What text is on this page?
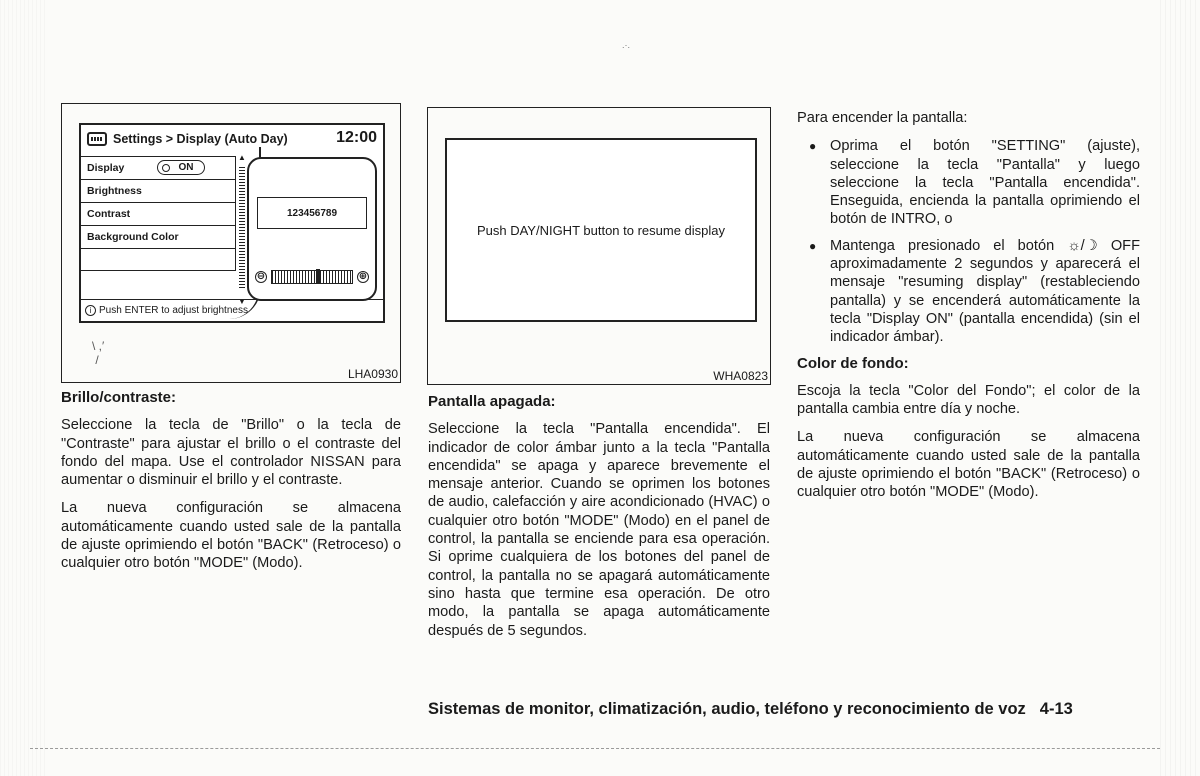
.·.
Settings > Display (Auto Day)	12:00
Display	ON
Brightness
Contrast
Background Color
▲
▼
123456789
⊖	⊕
i Push ENTER to adjust brightness
\ ,′
/
LHA0930
Push DAY/NIGHT button to resume display
WHA0823
Brillo/contraste:

Seleccione la tecla de "Brillo" o la tecla de "Contraste" para ajustar el brillo o el contraste del fondo del mapa. Use el controlador NISSAN para aumentar o disminuir el brillo y el contraste.

La nueva configuración se almacena automáticamente cuando usted sale de la pantalla de ajuste oprimiendo el botón "BACK" (Retroceso) o cualquier otro botón "MODE" (Modo).

Pantalla apagada:

Seleccione la tecla "Pantalla encendida". El indicador de color ámbar junto a la tecla "Pantalla encendida" se apaga y aparece brevemente el mensaje anterior. Cuando se oprimen los botones de audio, calefacción y aire acondicionado (HVAC) o cualquier otro botón "MODE" (Modo) en el panel de control, la pantalla se enciende para esa operación. Si oprime cualquiera de los botones del panel de control, la pantalla no se apagará automáticamente sino hasta que termine esa operación. De otro modo, la pantalla se apaga automáticamente después de 5 segundos.

Para encender la pantalla:

● Oprima el botón "SETTING" (ajuste), seleccione la tecla "Pantalla" y luego seleccione la tecla "Pantalla encendida". Enseguida, encienda la pantalla oprimiendo el botón de INTRO, o
● Mantenga presionado el botón ☼/☽ OFF aproximadamente 2 segundos y aparecerá el mensaje "resuming display" (restableciendo pantalla) y se encenderá automáticamente la tecla "Display ON" (pantalla encendida) (sin el indicador ámbar).
Color de fondo:

Escoja la tecla "Color del Fondo"; el color de la pantalla cambia entre día y noche.

La nueva configuración se almacena automáticamente cuando usted sale de la pantalla de ajuste oprimiendo el botón "BACK" (Retroceso) o cualquier otro botón "MODE" (Modo).

Sistemas de monitor, climatización, audio, teléfono y reconocimiento de voz 4-13
